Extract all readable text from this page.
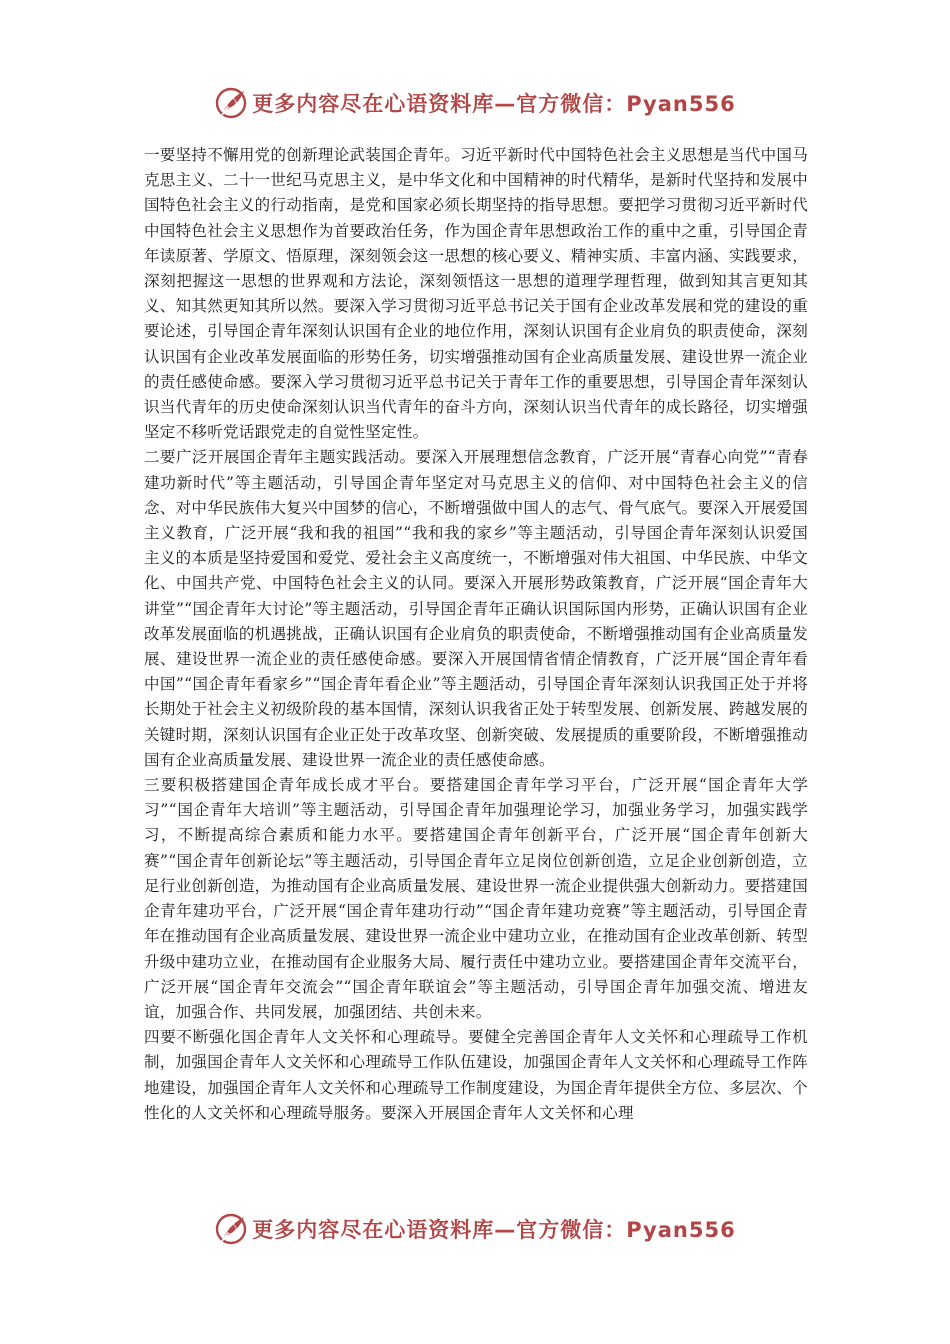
更多内容尽在心语资料库—官方微信：Pyan556

一要坚持不懈用党的创新理论武装国企青年。习近平新时代中国特色社会主义思想是当代中国马克思主义、二十一世纪马克思主义，是中华文化和中国精神的时代精华，是新时代坚持和发展中国特色社会主义的行动指南，是党和国家必须长期坚持的指导思想。要把学习贯彻习近平新时代中国特色社会主义思想作为首要政治任务，作为国企青年思想政治工作的重中之重，引导国企青年读原著、学原文、悟原理，深刻领会这一思想的核心要义、精神实质、丰富内涵、实践要求，深刻把握这一思想的世界观和方法论，深刻领悟这一思想的道理学理哲理，做到知其言更知其义、知其然更知其所以然。要深入学习贯彻习近平总书记关于国有企业改革发展和党的建设的重要论述，引导国企青年深刻认识国有企业的地位作用，深刻认识国有企业肩负的职责使命，深刻认识国有企业改革发展面临的形势任务，切实增强推动国有企业高质量发展、建设世界一流企业的责任感使命感。要深入学习贯彻习近平总书记关于青年工作的重要思想，引导国企青年深刻认识当代青年的历史使命深刻认识当代青年的奋斗方向，深刻认识当代青年的成长路径，切实增强坚定不移听党话跟党走的自觉性坚定性。

二要广泛开展国企青年主题实践活动。要深入开展理想信念教育，广泛开展“青春心向党”“青春建功新时代”等主题活动，引导国企青年坚定对马克思主义的信仰、对中国特色社会主义的信念、对中华民族伟大复兴中国梦的信心，不断增强做中国人的志气、骨气底气。要深入开展爱国主义教育，广泛开展“我和我的祖国”“我和我的家乡”等主题活动，引导国企青年深刻认识爱国主义的本质是坚持爱国和爱党、爱社会主义高度统一，不断增强对伟大祖国、中华民族、中华文化、中国共产党、中国特色社会主义的认同。要深入开展形势政策教育，广泛开展“国企青年大讲堂”“国企青年大讨论”等主题活动，引导国企青年正确认识国际国内形势，正确认识国有企业改革发展面临的机遇挑战，正确认识国有企业肩负的职责使命，不断增强推动国有企业高质量发展、建设世界一流企业的责任感使命感。要深入开展国情省情企情教育，广泛开展“国企青年看中国”“国企青年看家乡”“国企青年看企业”等主题活动，引导国企青年深刻认识我国正处于并将长期处于社会主义初级阶段的基本国情，深刻认识我省正处于转型发展、创新发展、跨越发展的关键时期，深刻认识国有企业正处于改革攻坚、创新突破、发展提质的重要阶段，不断增强推动国有企业高质量发展、建设世界一流企业的责任感使命感。

三要积极搭建国企青年成长成才平台。要搭建国企青年学习平台，广泛开展“国企青年大学习”“国企青年大培训”等主题活动，引导国企青年加强理论学习，加强业务学习，加强实践学习，不断提高综合素质和能力水平。要搭建国企青年创新平台，广泛开展“国企青年创新大赛”“国企青年创新论坛”等主题活动，引导国企青年立足岗位创新创造，立足企业创新创造，立足行业创新创造，为推动国有企业高质量发展、建设世界一流企业提供强大创新动力。要搭建国企青年建功平台，广泛开展“国企青年建功行动”“国企青年建功竞赛”等主题活动，引导国企青年在推动国有企业高质量发展、建设世界一流企业中建功立业，在推动国有企业改革创新、转型升级中建功立业，在推动国有企业服务大局、履行责任中建功立业。要搭建国企青年交流平台，广泛开展“国企青年交流会”“国企青年联谊会”等主题活动，引导国企青年加强交流、增进友谊，加强合作、共同发展，加强团结、共创未来。

四要不断强化国企青年人文关怀和心理疏导。要健全完善国企青年人文关怀和心理疏导工作机制，加强国企青年人文关怀和心理疏导工作队伍建设，加强国企青年人文关怀和心理疏导工作阵地建设，加强国企青年人文关怀和心理疏导工作制度建设，为国企青年提供全方位、多层次、个性化的人文关怀和心理疏导服务。要深入开展国企青年人文关怀和心理

更多内容尽在心语资料库—官方微信：Pyan556
